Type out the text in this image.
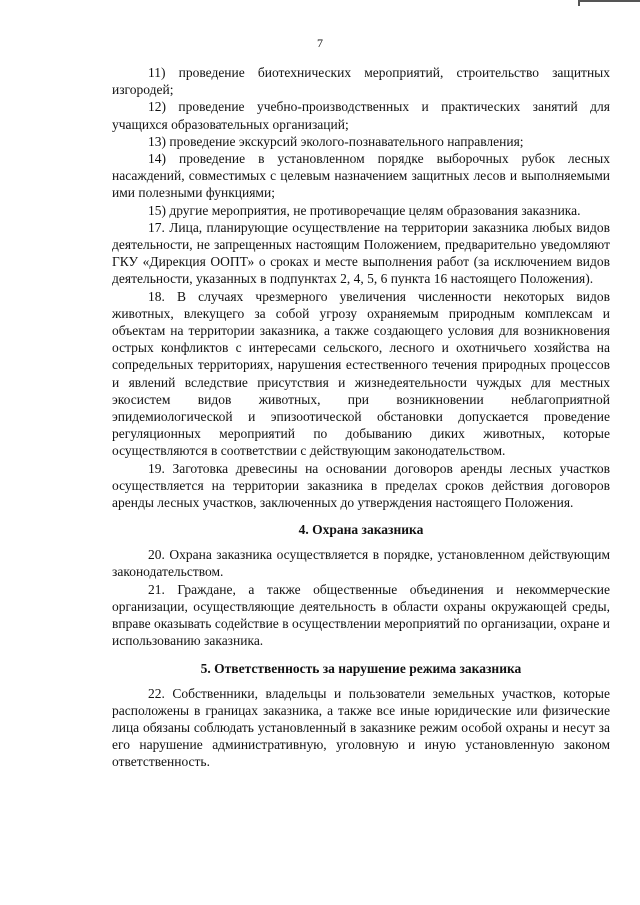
7

11) проведение биотехнических мероприятий, строительство защитных изгородей;

12) проведение учебно-производственных и практических занятий для учащихся образовательных организаций;

13) проведение экскурсий эколого-познавательного направления;

14) проведение в установленном порядке выборочных рубок лесных насаждений, совместимых с целевым назначением защитных лесов и выполняемыми ими полезными функциями;

15) другие мероприятия, не противоречащие целям образования заказника.

17. Лица, планирующие осуществление на территории заказника любых видов деятельности, не запрещенных настоящим Положением, предварительно уведомляют ГКУ «Дирекция ООПТ» о сроках и месте выполнения работ (за исключением видов деятельности, указанных в подпунктах 2, 4, 5, 6 пункта 16 настоящего Положения).

18. В случаях чрезмерного увеличения численности некоторых видов животных, влекущего за собой угрозу охраняемым природным комплексам и объектам на территории заказника, а также создающего условия для возникновения острых конфликтов с интересами сельского, лесного и охотничьего хозяйства на сопредельных территориях, нарушения естественного течения природных процессов и явлений вследствие присутствия и жизнедеятельности чуждых для местных экосистем видов животных, при возникновении неблагоприятной эпидемиологической и эпизоотической обстановки допускается проведение регуляционных мероприятий по добыванию диких животных, которые осуществляются в соответствии с действующим законодательством.

19. Заготовка древесины на основании договоров аренды лесных участков осуществляется на территории заказника в пределах сроков действия договоров аренды лесных участков, заключенных до утверждения настоящего Положения.

4. Охрана заказника

20. Охрана заказника осуществляется в порядке, установленном действующим законодательством.

21. Граждане, а также общественные объединения и некоммерческие организации, осуществляющие деятельность в области охраны окружающей среды, вправе оказывать содействие в осуществлении мероприятий по организации, охране и использованию заказника.

5. Ответственность за нарушение режима заказника

22. Собственники, владельцы и пользователи земельных участков, которые расположены в границах заказника, а также все иные юридические или физические лица обязаны соблюдать установленный в заказнике режим особой охраны и несут за его нарушение административную, уголовную и иную установленную законом ответственность.
